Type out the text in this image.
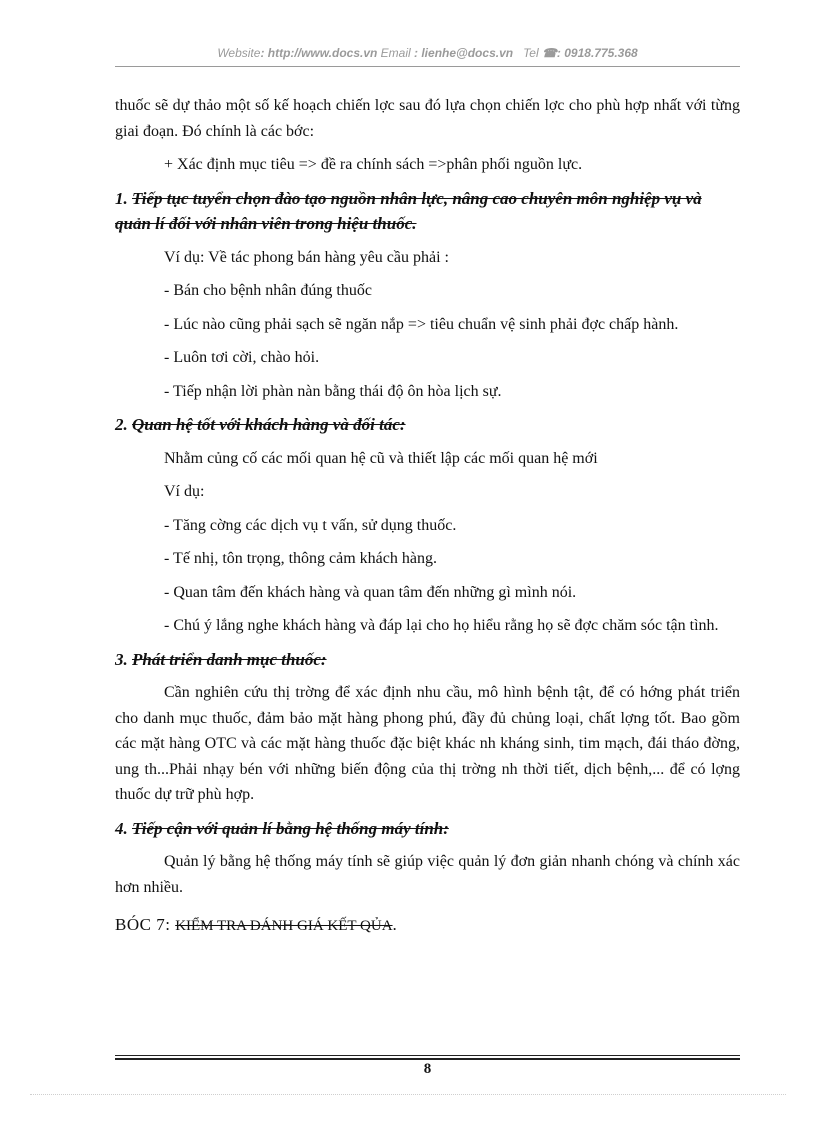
Website: http://www.docs.vn Email : lienhe@docs.vn   Tel ☎: 0918.775.368

thuốc sẽ dự thảo một số kế hoạch chiến lợc sau đó lựa chọn chiến lợc cho phù hợp nhất với từng giai đoạn. Đó chính là các bớc:

+ Xác định mục tiêu => đề ra chính sách =>phân phối nguồn lực.

1. Tiếp tục tuyển chọn đào tạo nguồn nhân lực, nâng cao chuyên môn nghiệp vụ và quản lí đối với nhân viên trong hiệu thuốc.

Ví dụ: Về tác phong bán hàng yêu cầu phải :

- Bán cho bệnh nhân đúng thuốc

- Lúc nào cũng phải sạch sẽ ngăn nắp => tiêu chuẩn vệ sinh phải đợc chấp hành.

- Luôn tơi cời, chào hỏi.

- Tiếp nhận lời phàn nàn bằng thái độ ôn hòa lịch sự.

2. Quan hệ tốt với khách hàng và đối tác:

Nhằm củng cố các mối quan hệ cũ và thiết lập các mối quan hệ mới

Ví dụ:

- Tăng cờng các dịch vụ t vấn, sử dụng thuốc.

- Tế nhị, tôn trọng, thông cảm khách hàng.

- Quan tâm đến khách hàng và quan tâm đến những gì mình nói.

- Chú ý lắng nghe khách hàng và đáp lại cho họ hiểu rằng họ sẽ đợc chăm sóc tận tình.

3. Phát triển danh mục thuốc:

Cần nghiên cứu thị trờng để xác định nhu cầu, mô hình bệnh tật, để có hớng phát triển cho danh mục thuốc, đảm bảo mặt hàng phong phú, đầy đủ chủng loại, chất lợng tốt. Bao gồm các mặt hàng OTC và các mặt hàng thuốc đặc biệt khác nh kháng sinh, tim mạch, đái tháo đờng, ung th...Phải nhạy bén với những biến động của thị trờng nh thời tiết, dịch bệnh,... để có lợng thuốc dự trữ phù hợp.

4. Tiếp cận với quản lí bằng hệ thống máy tính:

Quản lý bằng hệ thống máy tính sẽ giúp việc quản lý đơn giản nhanh chóng và chính xác hơn nhiều.

BÓC 7: KIỂM TRA ĐÁNH GIÁ KẾT QỦA.
8
